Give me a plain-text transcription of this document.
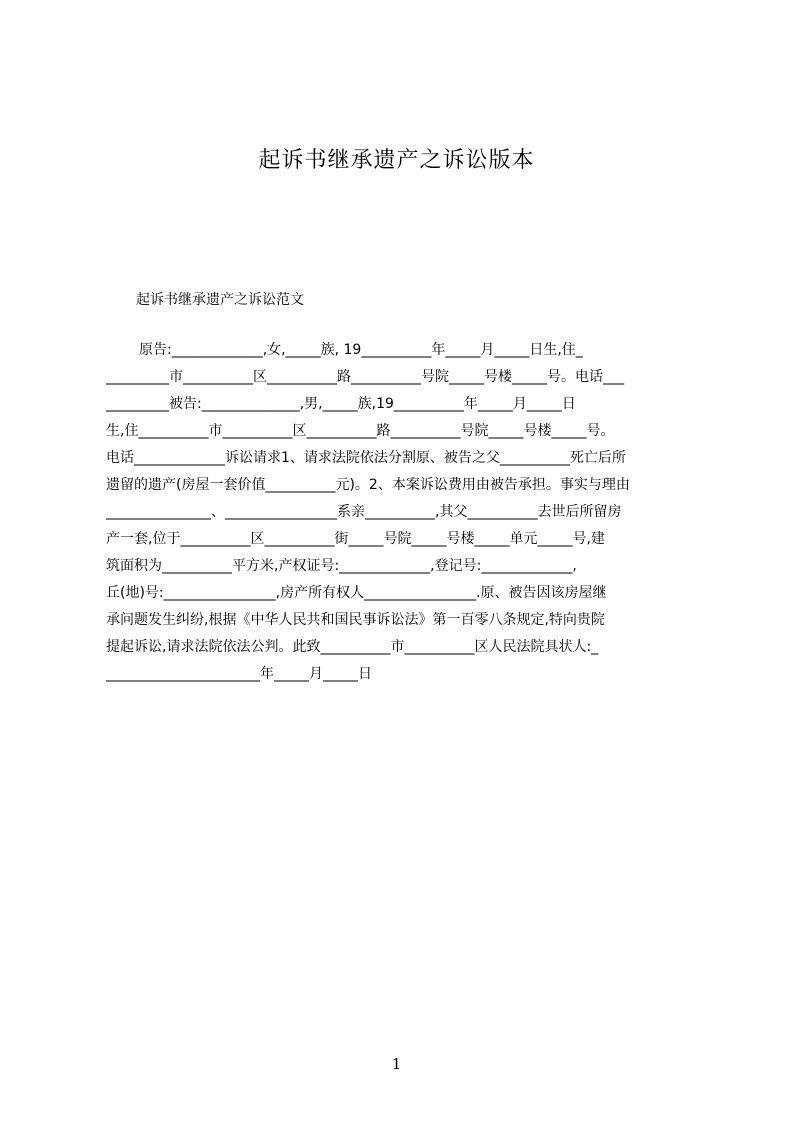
起诉书继承遗产之诉讼版本
起诉书继承遗产之诉讼范文
原告:_____________,女,_____族, 19__________年_____月_____日生,住_
_________市__________区__________路__________号院_____号楼_____号。电话___
_________被告:______________,男,_____族,19__________年_____月_____日
生,住__________市__________区__________路__________号院_____号楼_____号。
电话_____________诉讼请求1、请求法院依法分割原、被告之父__________死亡后所
遗留的遗产(房屋一套价值__________元)。2、本案诉讼费用由被告承担。事实与理由
_______________、________________系亲__________,其父__________去世后所留房
产一套,位于__________区__________街_____号院_____号楼_____单元_____号,建
筑面积为__________平方米,产权证号:_____________,登记号:_____________,
丘(地)号:________________,房产所有权人________________.原、被告因该房屋继
承问题发生纠纷,根据《中华人民共和国民事诉讼法》第一百零八条规定,特向贵院
提起诉讼,请求法院依法公判。此致__________市__________区人民法院具状人:_
______________________年_____月_____日
1
